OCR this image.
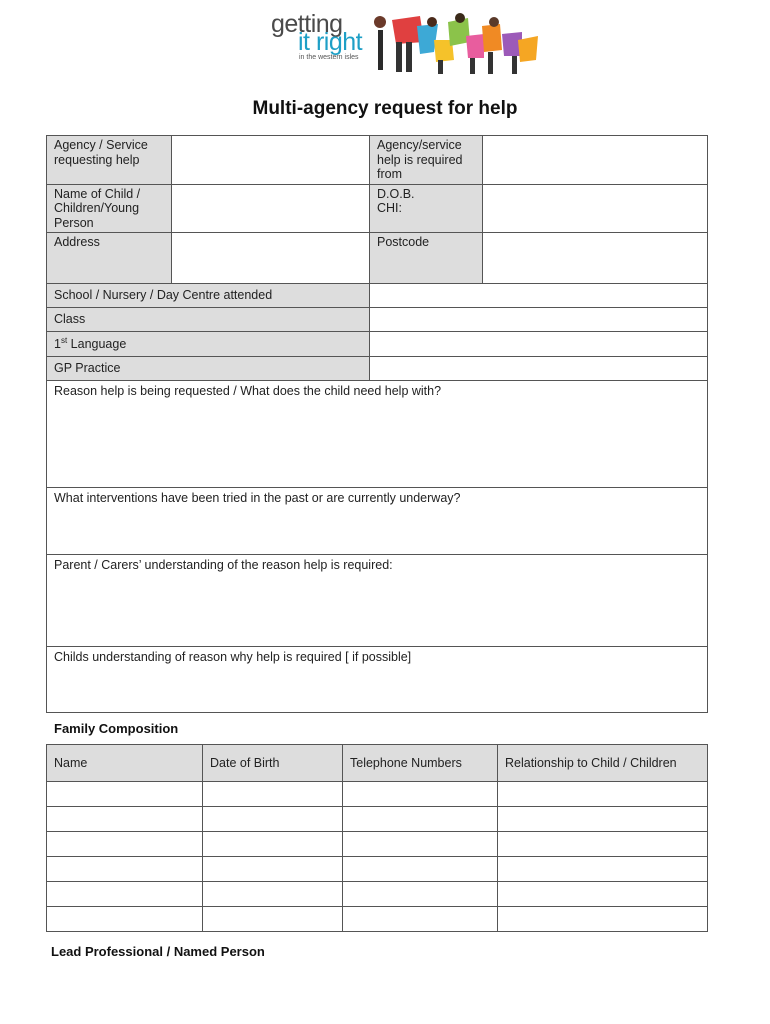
getting
it right
in the western isles
Multi-agency request for help
Agency / Service requesting help		Agency/service help is required from	
Name of Child / Children/Young Person		D.O.B.
CHI:	

Address		Postcode	
School / Nursery / Day Centre attended			
Class			
1st Language			
GP Practice			
Reason help is being requested / What does the child need help with?			
What interventions have been tried in the past or are currently underway?			
Parent / Carers’ understanding of the reason help is required:			
Childs understanding of reason why help is required [ if possible]			
Family Composition
Name	Date of Birth	Telephone Numbers	Relationship to Child / Children

Lead Professional / Named Person
